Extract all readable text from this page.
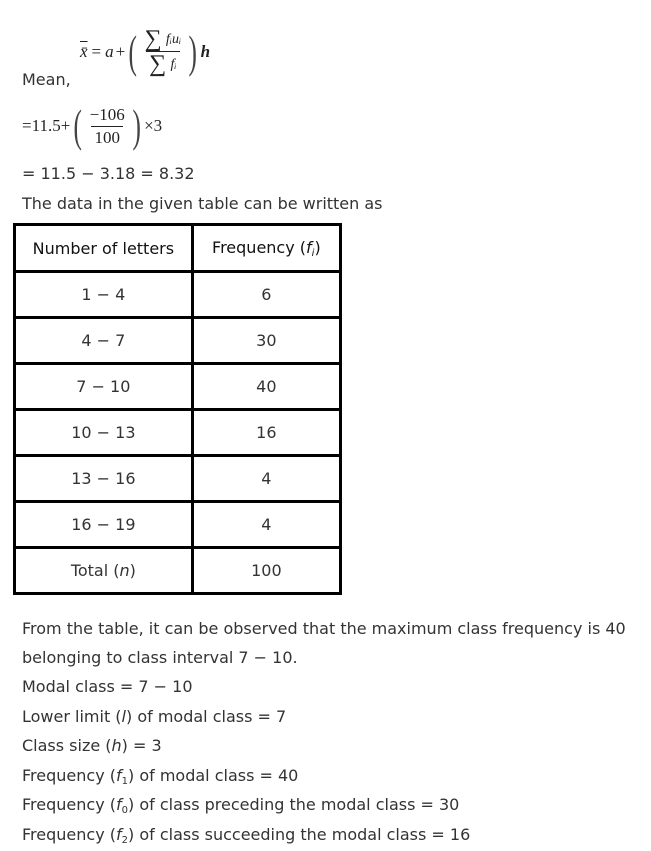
x̄ = a + ( $\frac{\text{∑ fᵢuᵢ}}{\text{∑ fᵢ}}$ ) h
Mean,
= 11.5 + ( $\frac{-106}{100}$ ) × 3
= 11.5 − 3.18 = 8.32
The data in the given table can be written as
Number of letters	Frequency $(f_i)$
1 − 4	6
4 − 7	30
7 − 10	40
10 − 13	16
13 − 16	4
16 − 19	4
Total (n)	100
From the table, it can be observed that the maximum class frequency is 40
belonging to class interval 7 − 10.
Modal class = 7 − 10
Lower limit (l) of modal class = 7
Class size (h) = 3
Frequency $(f_1)$ of modal class = 40
Frequency $(f_0)$ of class preceding the modal class = 30
Frequency $(f_2)$ of class succeeding the modal class = 16
